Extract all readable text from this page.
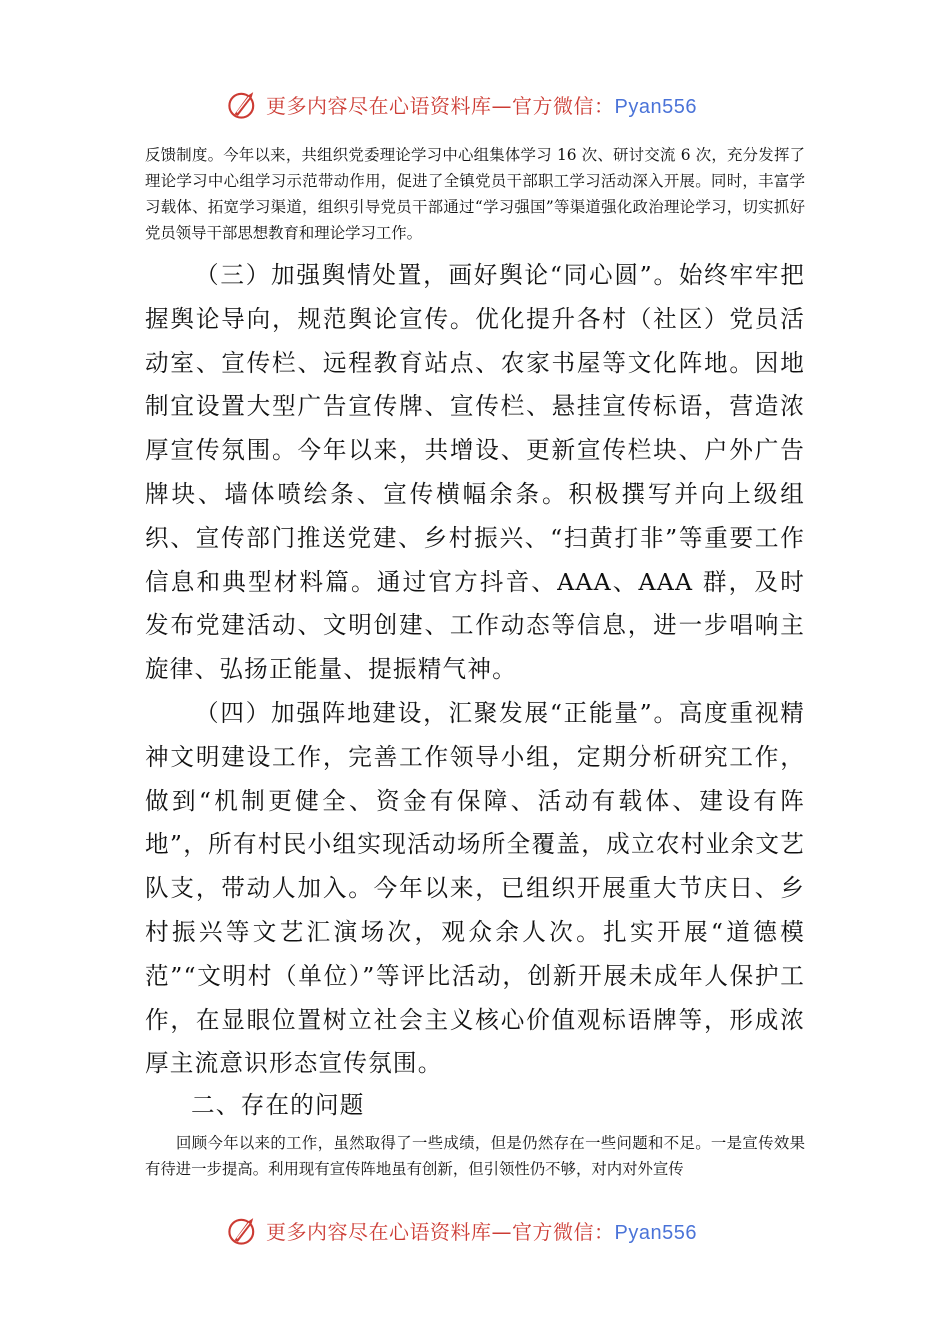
更多内容尽在心语资料库—官方微信：Pyan556

反馈制度。今年以来，共组织党委理论学习中心组集体学习 16 次、研讨交流 6 次，充分发挥了理论学习中心组学习示范带动作用，促进了全镇党员干部职工学习活动深入开展。同时，丰富学习载体、拓宽学习渠道，组织引导党员干部通过“学习强国”等渠道强化政治理论学习，切实抓好党员领导干部思想教育和理论学习工作。

（三）加强舆情处置，画好舆论“同心圆”。始终牢牢把握舆论导向，规范舆论宣传。优化提升各村（社区）党员活动室、宣传栏、远程教育站点、农家书屋等文化阵地。因地制宜设置大型广告宣传牌、宣传栏、悬挂宣传标语，营造浓厚宣传氛围。今年以来，共增设、更新宣传栏块、户外广告牌块、墙体喷绘条、宣传横幅余条。积极撰写并向上级组织、宣传部门推送党建、乡村振兴、“扫黄打非”等重要工作信息和典型材料篇。通过官方抖音、AAA、AAA 群，及时发布党建活动、文明创建、工作动态等信息，进一步唱响主旋律、弘扬正能量、提振精气神。

（四）加强阵地建设，汇聚发展“正能量”。高度重视精神文明建设工作，完善工作领导小组，定期分析研究工作，做到“机制更健全、资金有保障、活动有载体、建设有阵地”，所有村民小组实现活动场所全覆盖，成立农村业余文艺队支，带动人加入。今年以来，已组织开展重大节庆日、乡村振兴等文艺汇演场次，观众余人次。扎实开展“道德模范”“文明村（单位）”等评比活动，创新开展未成年人保护工作，在显眼位置树立社会主义核心价值观标语牌等，形成浓厚主流意识形态宣传氛围。

二、存在的问题

回顾今年以来的工作，虽然取得了一些成绩，但是仍然存在一些问题和不足。一是宣传效果有待进一步提高。利用现有宣传阵地虽有创新，但引领性仍不够，对内对外宣传

更多内容尽在心语资料库—官方微信：Pyan556
